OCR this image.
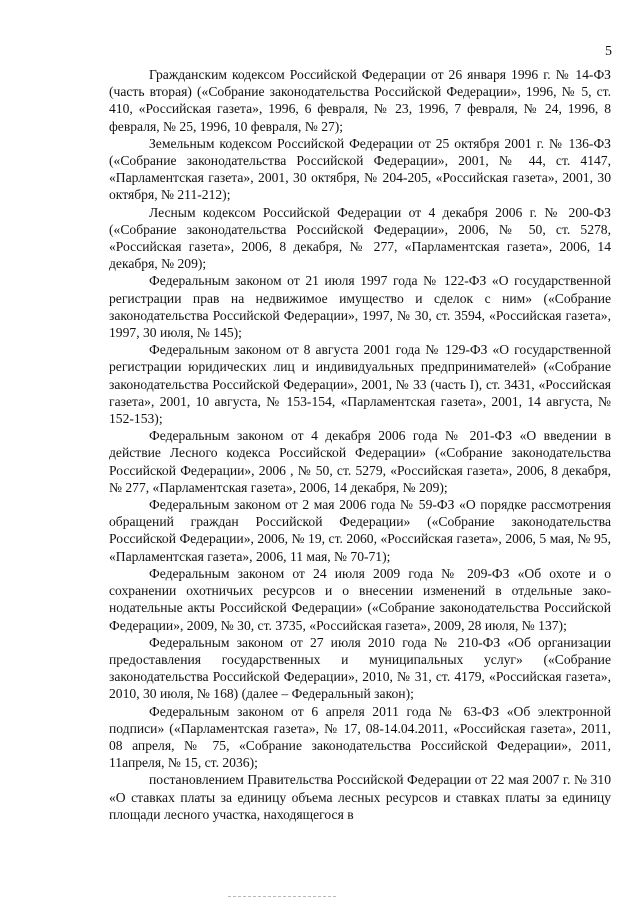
5

Гражданским кодексом Российской Федерации от 26 января 1996 г. № 14-ФЗ (часть вторая) («Собрание законодательства Российской Федерации», 1996, № 5, ст. 410, «Российская газета», 1996, 6 февраля, № 23, 1996, 7 февраля, № 24, 1996, 8 февраля, № 25, 1996, 10 февраля, № 27);

Земельным кодексом Российской Федерации от 25 октября 2001 г. № 136-ФЗ («Собрание законодательства Российской Федерации», 2001, № 44, ст. 4147, «Парламентская газета», 2001, 30 октября, № 204-205, «Российская газета», 2001, 30 октября, № 211-212);

Лесным кодексом Российской Федерации от 4 декабря 2006 г. № 200-ФЗ («Собрание законодательства Российской Федерации», 2006, № 50, ст. 5278, «Российская газета», 2006, 8 декабря, № 277, «Парламентская газета», 2006, 14 декабря, № 209);

Федеральным законом от 21 июля 1997 года № 122-ФЗ «О государственной регистрации прав на недвижимое имущество и сделок с ним» («Собрание законодательства Российской Федерации», 1997, № 30, ст. 3594, «Российская газета», 1997, 30 июля, № 145);

Федеральным законом от 8 августа 2001 года № 129-ФЗ «О государственной регистрации юридических лиц и индивидуальных предпринимателей» («Собрание законодательства Российской Федерации», 2001, № 33 (часть I), ст. 3431, «Российская газета», 2001, 10 августа, № 153-154, «Парламентская газета», 2001, 14 августа, № 152-153);

Федеральным законом от 4 декабря 2006 года № 201-ФЗ «О введении в действие Лесного кодекса Российской Федерации» («Собрание законодательства Российской Федерации», 2006 , № 50, ст. 5279, «Российская газета», 2006, 8 декабря, № 277, «Парламентская газета», 2006, 14 декабря, № 209);

Федеральным законом от 2 мая 2006 года № 59-ФЗ «О порядке рассмотрения обращений граждан Российской Федерации» («Собрание законодательства Российской Федерации», 2006, № 19, ст. 2060, «Российская газета», 2006, 5 мая, № 95, «Парламентская газета», 2006, 11 мая, № 70-71);

Федеральным законом от 24 июля 2009 года № 209-ФЗ «Об охоте и о сохранении охотничьих ресурсов и о внесении изменений в отдельные законодательные акты Российской Федерации» («Собрание законодательства Российской Федерации», 2009, № 30, ст. 3735, «Российская газета», 2009, 28 июля, № 137);

Федеральным законом от 27 июля 2010 года № 210-ФЗ «Об организации предоставления государственных и муниципальных услуг» («Собрание законодательства Российской Федерации», 2010, № 31, ст. 4179, «Российская газета», 2010, 30 июля, № 168) (далее – Федеральный закон);

Федеральным законом от 6 апреля 2011 года № 63-ФЗ «Об электронной подписи» («Парламентская газета», № 17, 08-14.04.2011, «Российская газета», 2011, 08 апреля, № 75, «Собрание законодательства Российской Федерации», 2011, 11апреля, № 15, ст. 2036);

постановлением Правительства Российской Федерации от 22 мая 2007 г. № 310 «О ставках платы за единицу объема лесных ресурсов и ставках платы за единицу площади лесного участка, находящегося в
